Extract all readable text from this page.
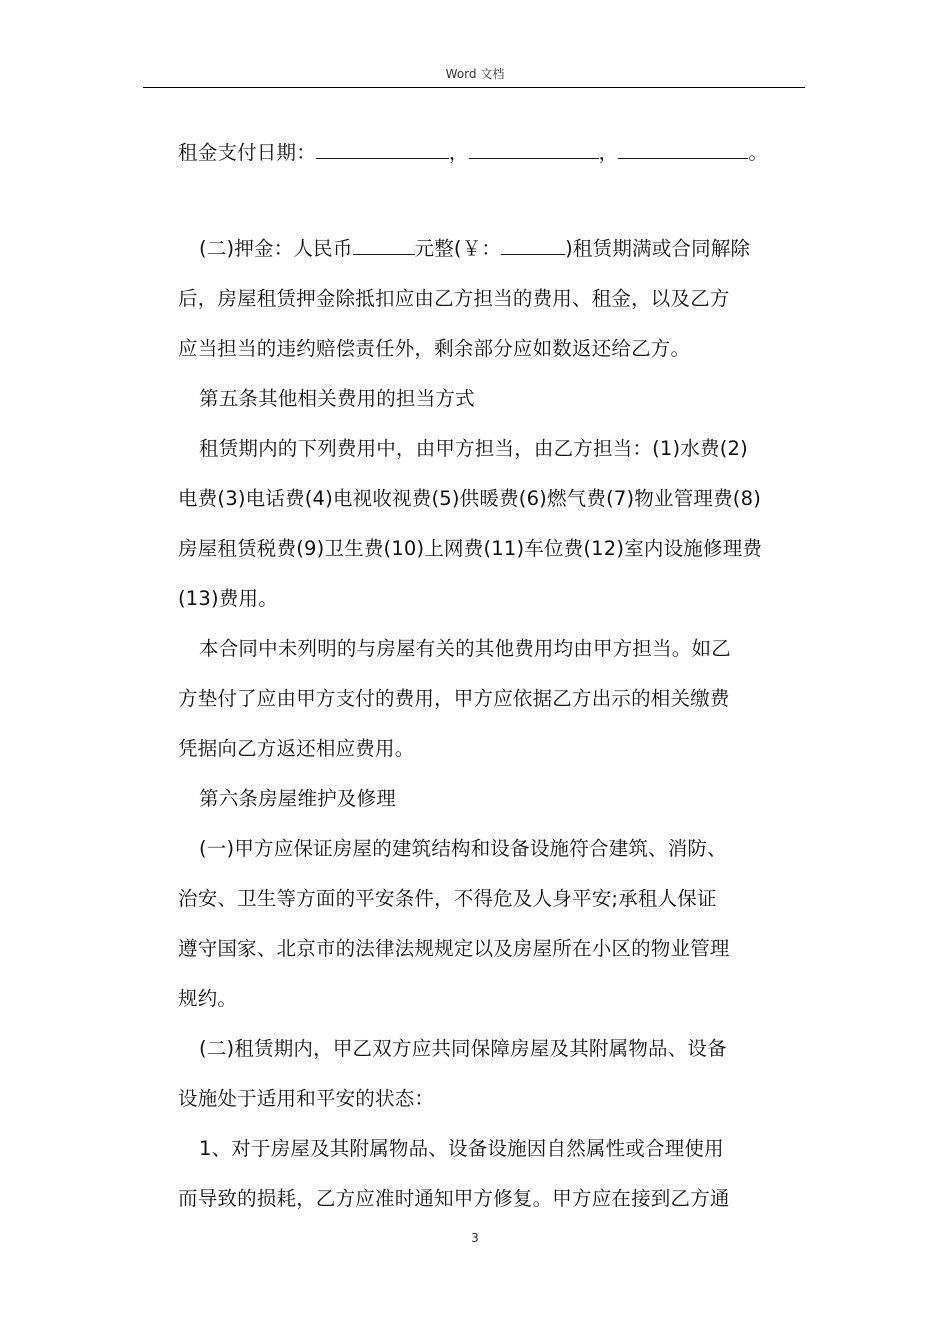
Word 文档
租金支付日期：	，	，	。
(二)押金：人民币	元整(￥：	)租赁期满或合同解除
后，房屋租赁押金除抵扣应由乙方担当的费用、租金，以及乙方
应当担当的违约赔偿责任外，剩余部分应如数返还给乙方。
第五条其他相关费用的担当方式
租赁期内的下列费用中，由甲方担当，由乙方担当：(1)水费(2)
电费(3)电话费(4)电视收视费(5)供暖费(6)燃气费(7)物业管理费(8)
房屋租赁税费(9)卫生费(10)上网费(11)车位费(12)室内设施修理费
(13)费用。
本合同中未列明的与房屋有关的其他费用均由甲方担当。如乙
方垫付了应由甲方支付的费用，甲方应依据乙方出示的相关缴费
凭据向乙方返还相应费用。
第六条房屋维护及修理
(一)甲方应保证房屋的建筑结构和设备设施符合建筑、消防、
治安、卫生等方面的平安条件，不得危及人身平安;承租人保证
遵守国家、北京市的法律法规规定以及房屋所在小区的物业管理
规约。
(二)租赁期内，甲乙双方应共同保障房屋及其附属物品、设备
设施处于适用和平安的状态：
1、对于房屋及其附属物品、设备设施因自然属性或合理使用
而导致的损耗，乙方应准时通知甲方修复。甲方应在接到乙方通
3
